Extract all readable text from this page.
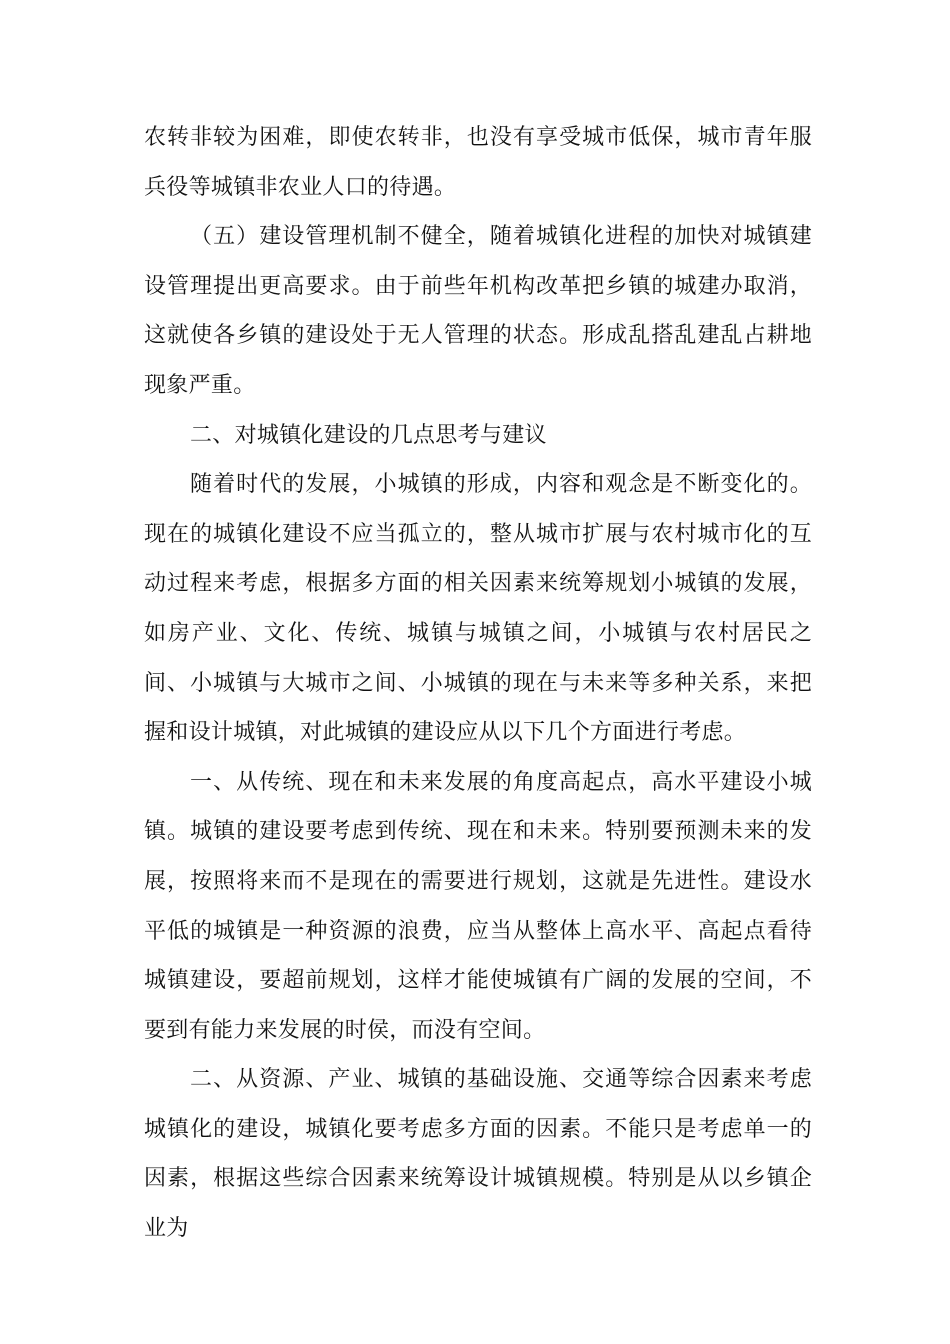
农转非较为困难，即使农转非，也没有享受城市低保，城市青年服兵役等城镇非农业人口的待遇。

（五）建设管理机制不健全，随着城镇化进程的加快对城镇建设管理提出更高要求。由于前些年机构改革把乡镇的城建办取消，这就使各乡镇的建设处于无人管理的状态。形成乱搭乱建乱占耕地现象严重。

二、对城镇化建设的几点思考与建议

随着时代的发展，小城镇的形成，内容和观念是不断变化的。现在的城镇化建设不应当孤立的，整从城市扩展与农村城市化的互动过程来考虑，根据多方面的相关因素来统筹规划小城镇的发展，如房产业、文化、传统、城镇与城镇之间，小城镇与农村居民之间、小城镇与大城市之间、小城镇的现在与未来等多种关系，来把握和设计城镇，对此城镇的建设应从以下几个方面进行考虑。

一、从传统、现在和未来发展的角度高起点，高水平建设小城镇。城镇的建设要考虑到传统、现在和未来。特别要预测未来的发展，按照将来而不是现在的需要进行规划，这就是先进性。建设水平低的城镇是一种资源的浪费，应当从整体上高水平、高起点看待城镇建设，要超前规划，这样才能使城镇有广阔的发展的空间，不要到有能力来发展的时侯，而没有空间。

二、从资源、产业、城镇的基础设施、交通等综合因素来考虑城镇化的建设，城镇化要考虑多方面的因素。不能只是考虑单一的因素，根据这些综合因素来统筹设计城镇规模。特别是从以乡镇企业为
